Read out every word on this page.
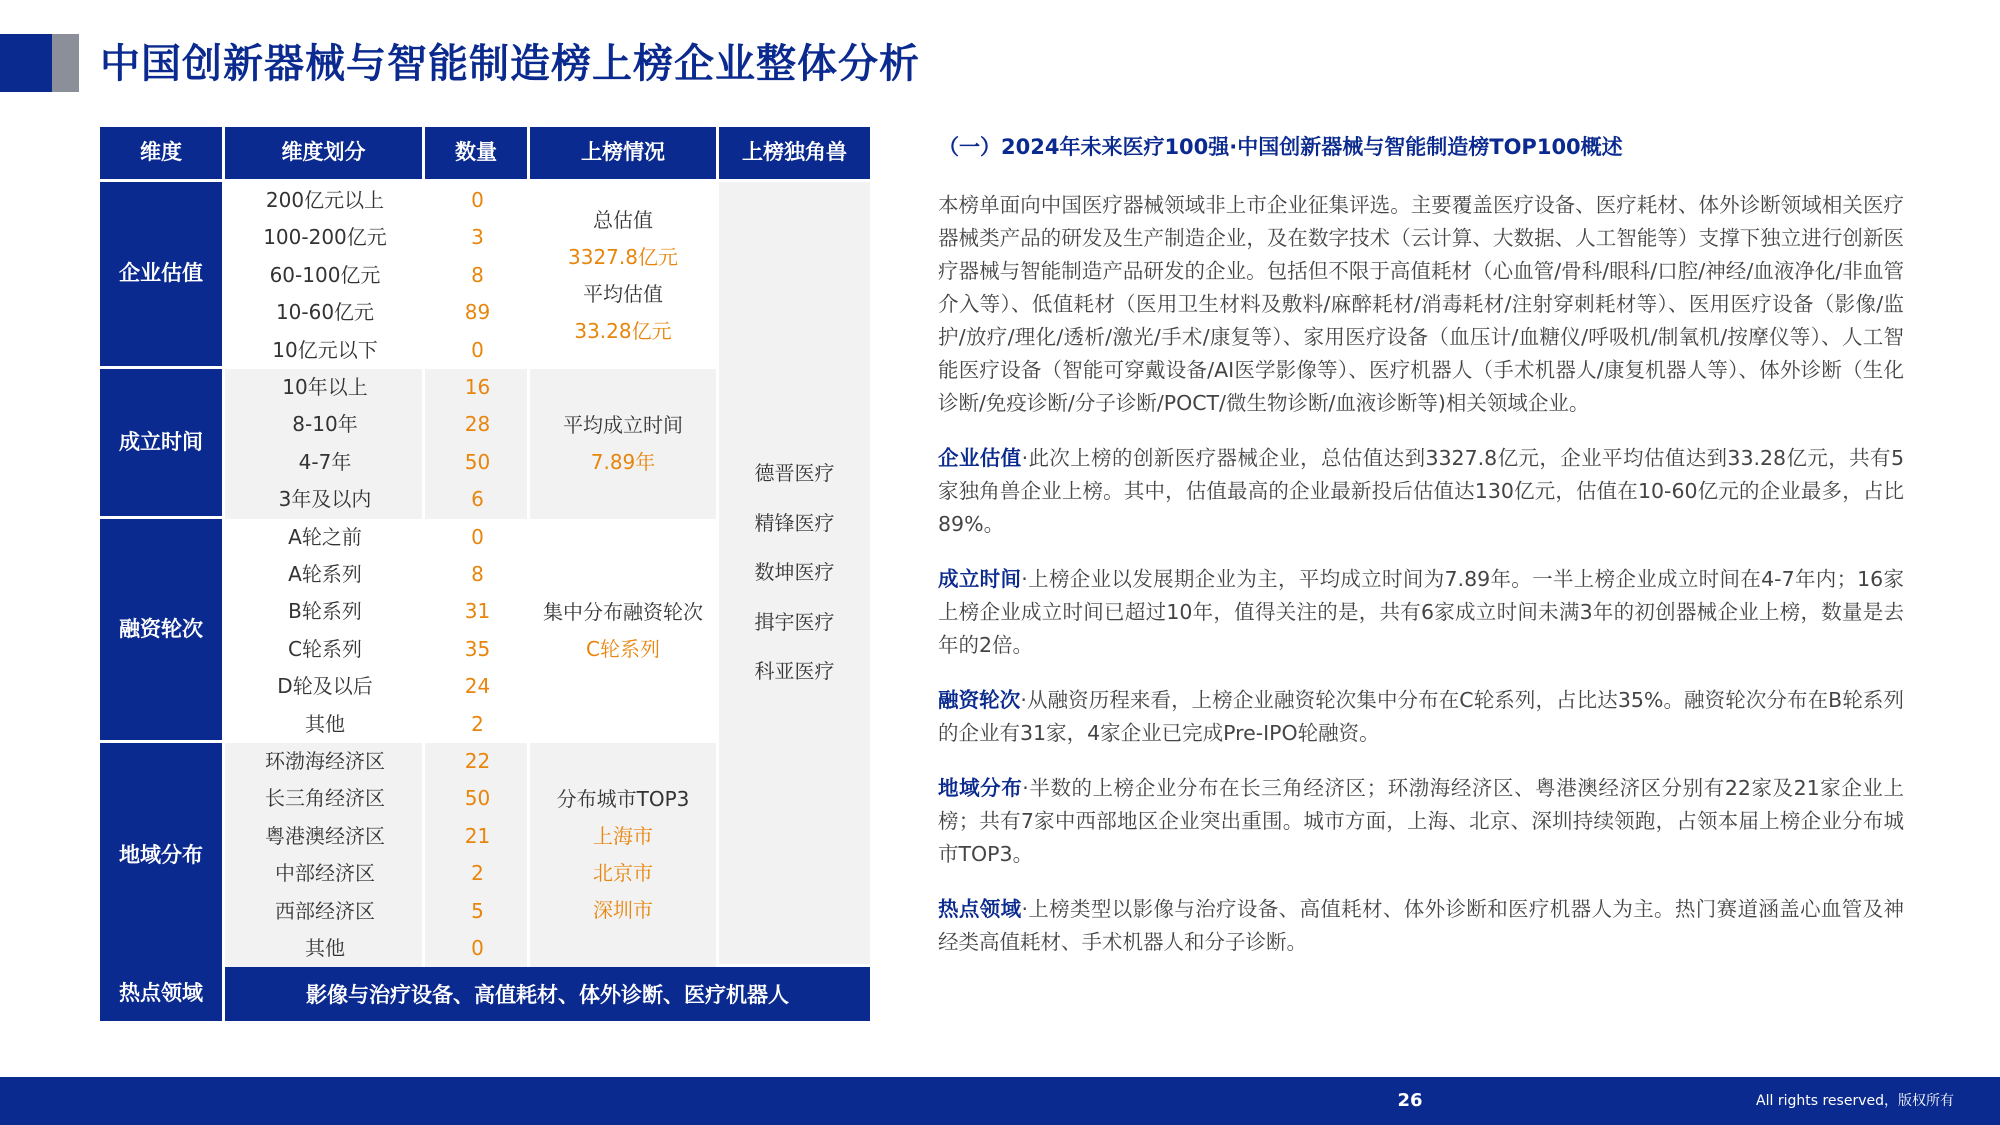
中国创新器械与智能制造榜上榜企业整体分析
维度	维度划分	数量	上榜情况	上榜独角兽
企业估值
200亿元以上	0
100-200亿元	3
60-100亿元	8
10-60亿元	89
10亿元以下	0
总估值
3327.8亿元
平均估值
33.28亿元
成立时间
10年以上	16
8-10年	28
4-7年	50
3年及以内	6
平均成立时间
7.89年
融资轮次
A轮之前	0
A轮系列	8
B轮系列	31
C轮系列	35
D轮及以后	24
其他	2
集中分布融资轮次
C轮系列
地域分布
环渤海经济区	22
长三角经济区	50
粤港澳经济区	21
中部经济区	2
西部经济区	5
其他	0
分布城市TOP3
上海市
北京市
深圳市
德晋医疗
精锋医疗
数坤医疗
揖宇医疗
科亚医疗
热点领域	影像与治疗设备、高值耗材、体外诊断、医疗机器人
（一）2024年未来医疗100强·中国创新器械与智能制造榜TOP100概述
本榜单面向中国医疗器械领域非上市企业征集评选。主要覆盖医疗设备、医疗耗材、体外诊断领域相关医疗器械类产品的研发及生产制造企业，及在数字技术（云计算、大数据、人工智能等）支撑下独立进行创新医疗器械与智能制造产品研发的企业。包括但不限于高值耗材（心血管/骨科/眼科/口腔/神经/血液净化/非血管介入等）、低值耗材（医用卫生材料及敷料/麻醉耗材/消毒耗材/注射穿刺耗材等）、医用医疗设备（影像/监护/放疗/理化/透析/激光/手术/康复等）、家用医疗设备（血压计/血糖仪/呼吸机/制氧机/按摩仪等）、人工智能医疗设备（智能可穿戴设备/AI医学影像等）、医疗机器人（手术机器人/康复机器人等）、体外诊断（生化诊断/免疫诊断/分子诊断/POCT/微生物诊断/血液诊断等)相关领域企业。
企业估值·此次上榜的创新医疗器械企业，总估值达到3327.8亿元，企业平均估值达到33.28亿元，共有5家独角兽企业上榜。其中，估值最高的企业最新投后估值达130亿元，估值在10-60亿元的企业最多，占比89%。
成立时间·上榜企业以发展期企业为主，平均成立时间为7.89年。一半上榜企业成立时间在4-7年内；16家上榜企业成立时间已超过10年，值得关注的是，共有6家成立时间未满3年的初创器械企业上榜，数量是去年的2倍。
融资轮次·从融资历程来看，上榜企业融资轮次集中分布在C轮系列，占比达35%。融资轮次分布在B轮系列的企业有31家，4家企业已完成Pre-IPO轮融资。
地域分布·半数的上榜企业分布在长三角经济区；环渤海经济区、粤港澳经济区分别有22家及21家企业上榜；共有7家中西部地区企业突出重围。城市方面，上海、北京、深圳持续领跑，占领本届上榜企业分布城市TOP3。
热点领域·上榜类型以影像与治疗设备、高值耗材、体外诊断和医疗机器人为主。热门赛道涵盖心血管及神经类高值耗材、手术机器人和分子诊断。
26	All rights reserved，版权所有
